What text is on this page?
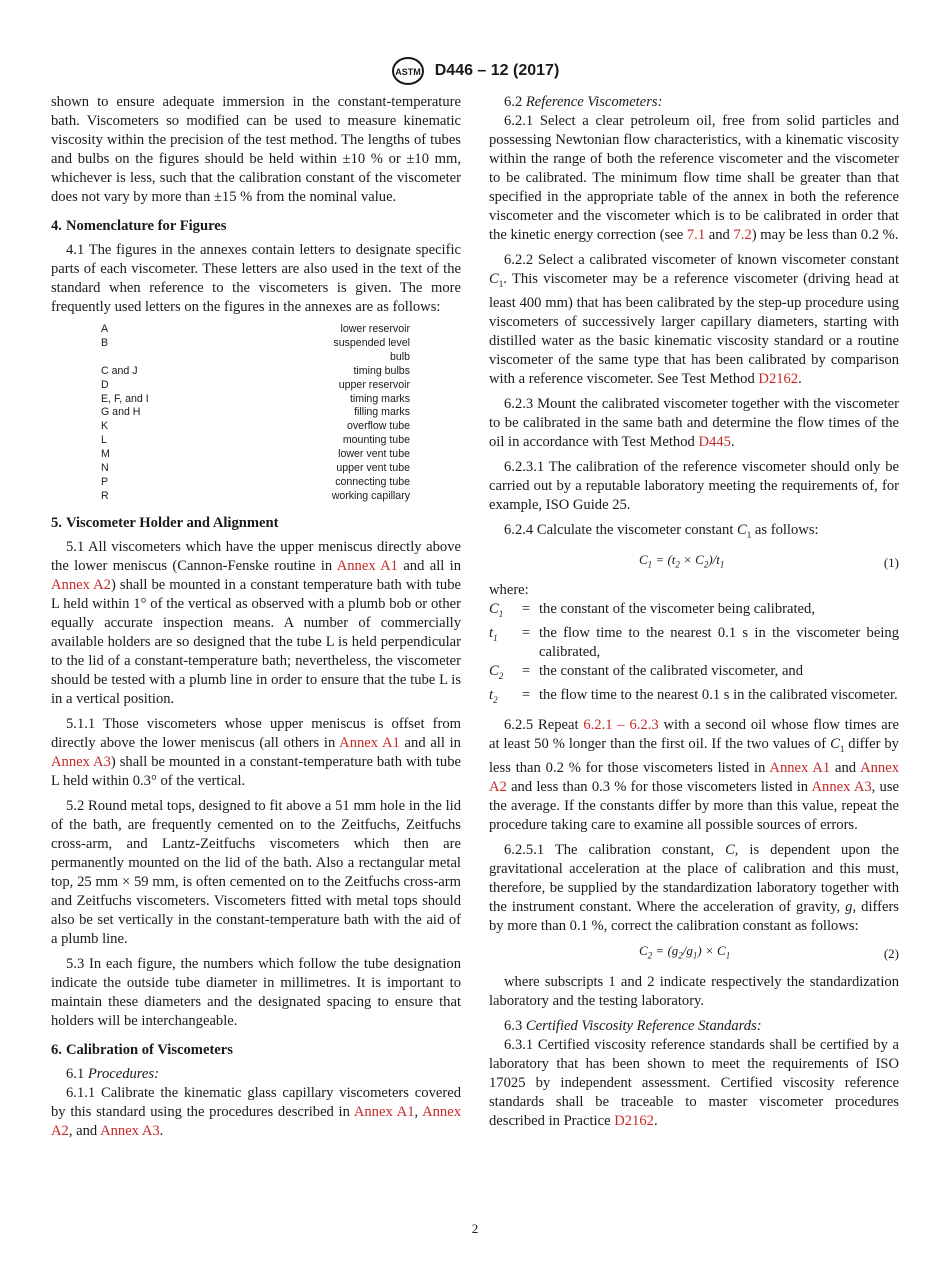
ASTM D446 – 12 (2017)

shown to ensure adequate immersion in the constant-temperature bath. Viscometers so modified can be used to measure kinematic viscosity within the precision of the test method. The lengths of tubes and bulbs on the figures should be held within ±10 % or ±10 mm, whichever is less, such that the calibration constant of the viscometer does not vary by more than ±15 % from the nominal value.

4. Nomenclature for Figures

4.1 The figures in the annexes contain letters to designate specific parts of each viscometer. These letters are also used in the text of the standard when reference to the viscometers is given. The more frequently used letters on the figures in the annexes are as follows:

A	lower reservoir
B	suspended level
bulb
C and J	timing bulbs
D	upper reservoir
E, F, and I	timing marks
G and H	filling marks
K	overflow tube
L	mounting tube
M	lower vent tube
N	upper vent tube
P	connecting tube
R	working capillary
5. Viscometer Holder and Alignment

5.1 All viscometers which have the upper meniscus directly above the lower meniscus (Cannon-Fenske routine in Annex A1 and all in Annex A2) shall be mounted in a constant temperature bath with tube L held within 1° of the vertical as observed with a plumb bob or other equally accurate inspection means. A number of commercially available holders are so designed that the tube L is held perpendicular to the lid of a constant-temperature bath; nevertheless, the viscometer should be tested with a plumb line in order to ensure that the tube L is in a vertical position.

5.1.1 Those viscometers whose upper meniscus is offset from directly above the lower meniscus (all others in Annex A1 and all in Annex A3) shall be mounted in a constant-temperature bath with tube L held within 0.3° of the vertical.

5.2 Round metal tops, designed to fit above a 51 mm hole in the lid of the bath, are frequently cemented on to the Zeitfuchs, Zeitfuchs cross-arm, and Lantz-Zeitfuchs viscometers which then are permanently mounted on the lid of the bath. Also a rectangular metal top, 25 mm × 59 mm, is often cemented on to the Zeitfuchs cross-arm and Zeitfuchs viscometers. Viscometers fitted with metal tops should also be set vertically in the constant-temperature bath with the aid of a plumb line.

5.3 In each figure, the numbers which follow the tube designation indicate the outside tube diameter in millimetres. It is important to maintain these diameters and the designated spacing to ensure that holders will be interchangeable.

6. Calibration of Viscometers

6.1 Procedures:

6.1.1 Calibrate the kinematic glass capillary viscometers covered by this standard using the procedures described in Annex A1, Annex A2, and Annex A3.

6.2 Reference Viscometers:

6.2.1 Select a clear petroleum oil, free from solid particles and possessing Newtonian flow characteristics, with a kinematic viscosity within the range of both the reference viscometer and the viscometer to be calibrated. The minimum flow time shall be greater than that specified in the appropriate table of the annex in both the reference viscometer and the viscometer which is to be calibrated in order that the kinetic energy correction (see 7.1 and 7.2) may be less than 0.2 %.

6.2.2 Select a calibrated viscometer of known viscometer constant $C_1$. This viscometer may be a reference viscometer (driving head at least 400 mm) that has been calibrated by the step-up procedure using viscometers of successively larger capillary diameters, starting with distilled water as the basic kinematic viscosity standard or a routine viscometer of the same type that has been calibrated by comparison with a reference viscometer. See Test Method D2162.

6.2.3 Mount the calibrated viscometer together with the viscometer to be calibrated in the same bath and determine the flow times of the oil in accordance with Test Method D445.

6.2.3.1 The calibration of the reference viscometer should only be carried out by a reputable laboratory meeting the requirements of, for example, ISO Guide 25.

6.2.4 Calculate the viscometer constant $C_1$ as follows:

$C_1 = (t_2 \times C_2)/t_1$	(1)

where:

$C_1$	= the constant of the viscometer being calibrated,
$t_1$	= the flow time to the nearest 0.1 s in the viscometer being calibrated,
$C_2$	= the constant of the calibrated viscometer, and
$t_2$	= the flow time to the nearest 0.1 s in the calibrated viscometer.

6.2.5 Repeat 6.2.1 – 6.2.3 with a second oil whose flow times are at least 50 % longer than the first oil. If the two values of $C_1$ differ by less than 0.2 % for those viscometers listed in Annex A1 and Annex A2 and less than 0.3 % for those viscometers listed in Annex A3, use the average. If the constants differ by more than this value, repeat the procedure taking care to examine all possible sources of errors.

6.2.5.1 The calibration constant, C, is dependent upon the gravitational acceleration at the place of calibration and this must, therefore, be supplied by the standardization laboratory together with the instrument constant. Where the acceleration of gravity, g, differs by more than 0.1 %, correct the calibration constant as follows:

$C_2 = (g_2/g_1) \times C_1$	(2)

where subscripts 1 and 2 indicate respectively the standardization laboratory and the testing laboratory.

6.3 Certified Viscosity Reference Standards:

6.3.1 Certified viscosity reference standards shall be certified by a laboratory that has been shown to meet the requirements of ISO 17025 by independent assessment. Certified viscosity reference standards shall be traceable to master viscometer procedures described in Practice D2162.

2
